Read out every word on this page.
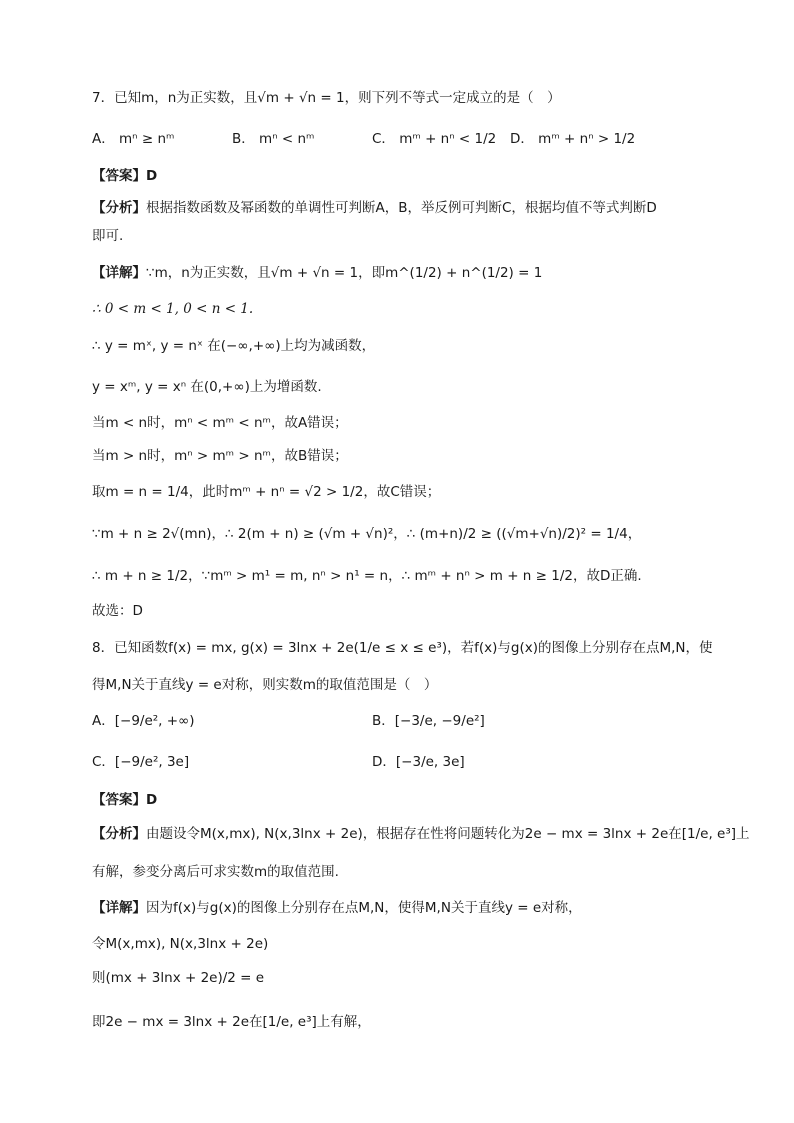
7．已知m，n为正实数，且√m + √n = 1，则下列不等式一定成立的是（　）
A． mⁿ ≥ nᵐ	B． mⁿ < nᵐ	C． mᵐ + nⁿ < 1/2 D． mᵐ + nⁿ > 1/2
【答案】D
【分析】根据指数函数及幂函数的单调性可判断A，B，举反例可判断C，根据均值不等式判断D
即可.
【详解】∵m，n为正实数，且√m + √n = 1，即m^(1/2) + n^(1/2) = 1
∴ 0 < m < 1, 0 < n < 1.
∴ y = mˣ, y = nˣ 在(−∞,+∞)上均为减函数，
y = xᵐ, y = xⁿ 在(0,+∞)上为增函数.
当m < n时，mⁿ < mᵐ < nᵐ，故A错误；
当m > n时，mⁿ > mᵐ > nᵐ，故B错误；
取m = n = 1/4，此时mᵐ + nⁿ = √2 > 1/2，故C错误；
∵m + n ≥ 2√(mn)，∴ 2(m + n) ≥ (√m + √n)²，∴ (m+n)/2 ≥ ((√m+√n)/2)² = 1/4，
∴ m + n ≥ 1/2，∵mᵐ > m¹ = m, nⁿ > n¹ = n，∴ mᵐ + nⁿ > m + n ≥ 1/2，故D正确.
故选：D
8．已知函数f(x) = mx, g(x) = 3lnx + 2e(1/e ≤ x ≤ e³)，若f(x)与g(x)的图像上分别存在点M,N，使
得M,N关于直线y = e对称，则实数m的取值范围是（　）
A．[−9/e², +∞)	B．[−3/e, −9/e²]
C．[−9/e², 3e]	D．[−3/e, 3e]
【答案】D
【分析】由题设令M(x,mx), N(x,3lnx + 2e)，根据存在性将问题转化为2e − mx = 3lnx + 2e在[1/e, e³]上
有解，参变分离后可求实数m的取值范围.
【详解】因为f(x)与g(x)的图像上分别存在点M,N，使得M,N关于直线y = e对称，
令M(x,mx), N(x,3lnx + 2e)
则(mx + 3lnx + 2e)/2 = e
即2e − mx = 3lnx + 2e在[1/e, e³]上有解，
